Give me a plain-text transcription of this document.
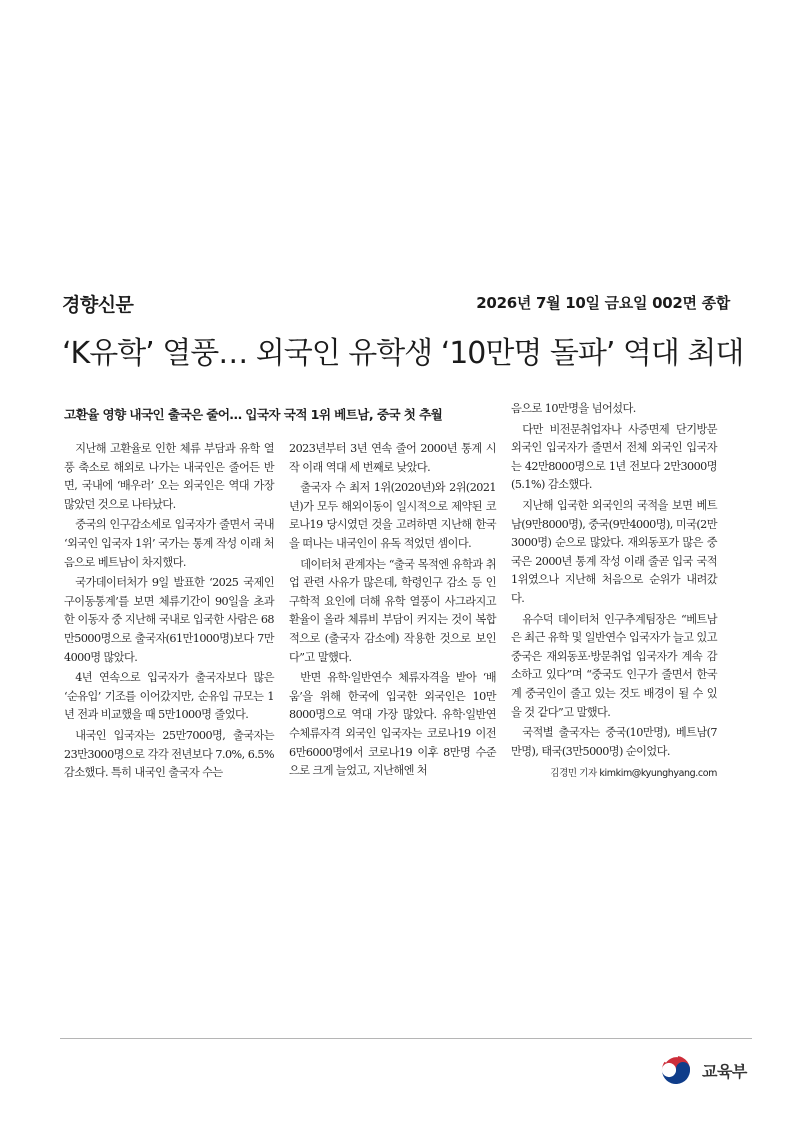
경향신문	2026년 7월 10일 금요일 002면 종합
‘K유학’ 열풍… 외국인 유학생 ‘10만명 돌파’ 역대 최대
고환율 영향 내국인 출국은 줄어… 입국자 국적 1위 베트남, 중국 첫 추월

지난해 고환율로 인한 체류 부담과 유학 열풍 축소로 해외로 나가는 내국인은 줄어든 반면, 국내에 ‘배우러’ 오는 외국인은 역대 가장 많았던 것으로 나타났다.

중국의 인구감소세로 입국자가 줄면서 국내 ‘외국인 입국자 1위’ 국가는 통계 작성 이래 처음으로 베트남이 차지했다.

국가데이터처가 9일 발표한 ‘2025 국제인구이동통계’를 보면 체류기간이 90일을 초과한 이동자 중 지난해 국내로 입국한 사람은 68만5000명으로 출국자(61만1000명)보다 7만4000명 많았다.

4년 연속으로 입국자가 출국자보다 많은 ‘순유입’ 기조를 이어갔지만, 순유입 규모는 1년 전과 비교했을 때 5만1000명 줄었다.

내국인 입국자는 25만7000명, 출국자는 23만3000명으로 각각 전년보다 7.0%, 6.5% 감소했다. 특히 내국인 출국자 수는

2023년부터 3년 연속 줄어 2000년 통계 시작 이래 역대 세 번째로 낮았다.

출국자 수 최저 1위(2020년)와 2위(2021년)가 모두 해외이동이 일시적으로 제약된 코로나19 당시였던 것을 고려하면 지난해 한국을 떠나는 내국인이 유독 적었던 셈이다.

데이터처 관계자는 “출국 목적엔 유학과 취업 관련 사유가 많은데, 학령인구 감소 등 인구학적 요인에 더해 유학 열풍이 사그라지고 환율이 올라 체류비 부담이 커지는 것이 복합적으로 (출국자 감소에) 작용한 것으로 보인다”고 말했다.

반면 유학·일반연수 체류자격을 받아 ‘배움’을 위해 한국에 입국한 외국인은 10만8000명으로 역대 가장 많았다. 유학·일반연수체류자격 외국인 입국자는 코로나19 이전 6만6000명에서 코로나19 이후 8만명 수준으로 크게 늘었고, 지난해엔 처

음으로 10만명을 넘어섰다.

다만 비전문취업자나 사증면제 단기방문 외국인 입국자가 줄면서 전체 외국인 입국자는 42만8000명으로 1년 전보다 2만3000명(5.1%) 감소했다.

지난해 입국한 외국인의 국적을 보면 베트남(9만8000명), 중국(9만4000명), 미국(2만3000명) 순으로 많았다. 재외동포가 많은 중국은 2000년 통계 작성 이래 줄곧 입국 국적 1위였으나 지난해 처음으로 순위가 내려갔다.

유수덕 데이터처 인구추계팀장은 “베트남은 최근 유학 및 일반연수 입국자가 늘고 있고 중국은 재외동포·방문취업 입국자가 계속 감소하고 있다”며 “중국도 인구가 줄면서 한국계 중국인이 줄고 있는 것도 배경이 될 수 있을 것 같다”고 말했다.

국적별 출국자는 중국(10만명), 베트남(7만명), 태국(3만5000명) 순이었다.

김경민 기자 kimkim@kyunghyang.com
교육부
